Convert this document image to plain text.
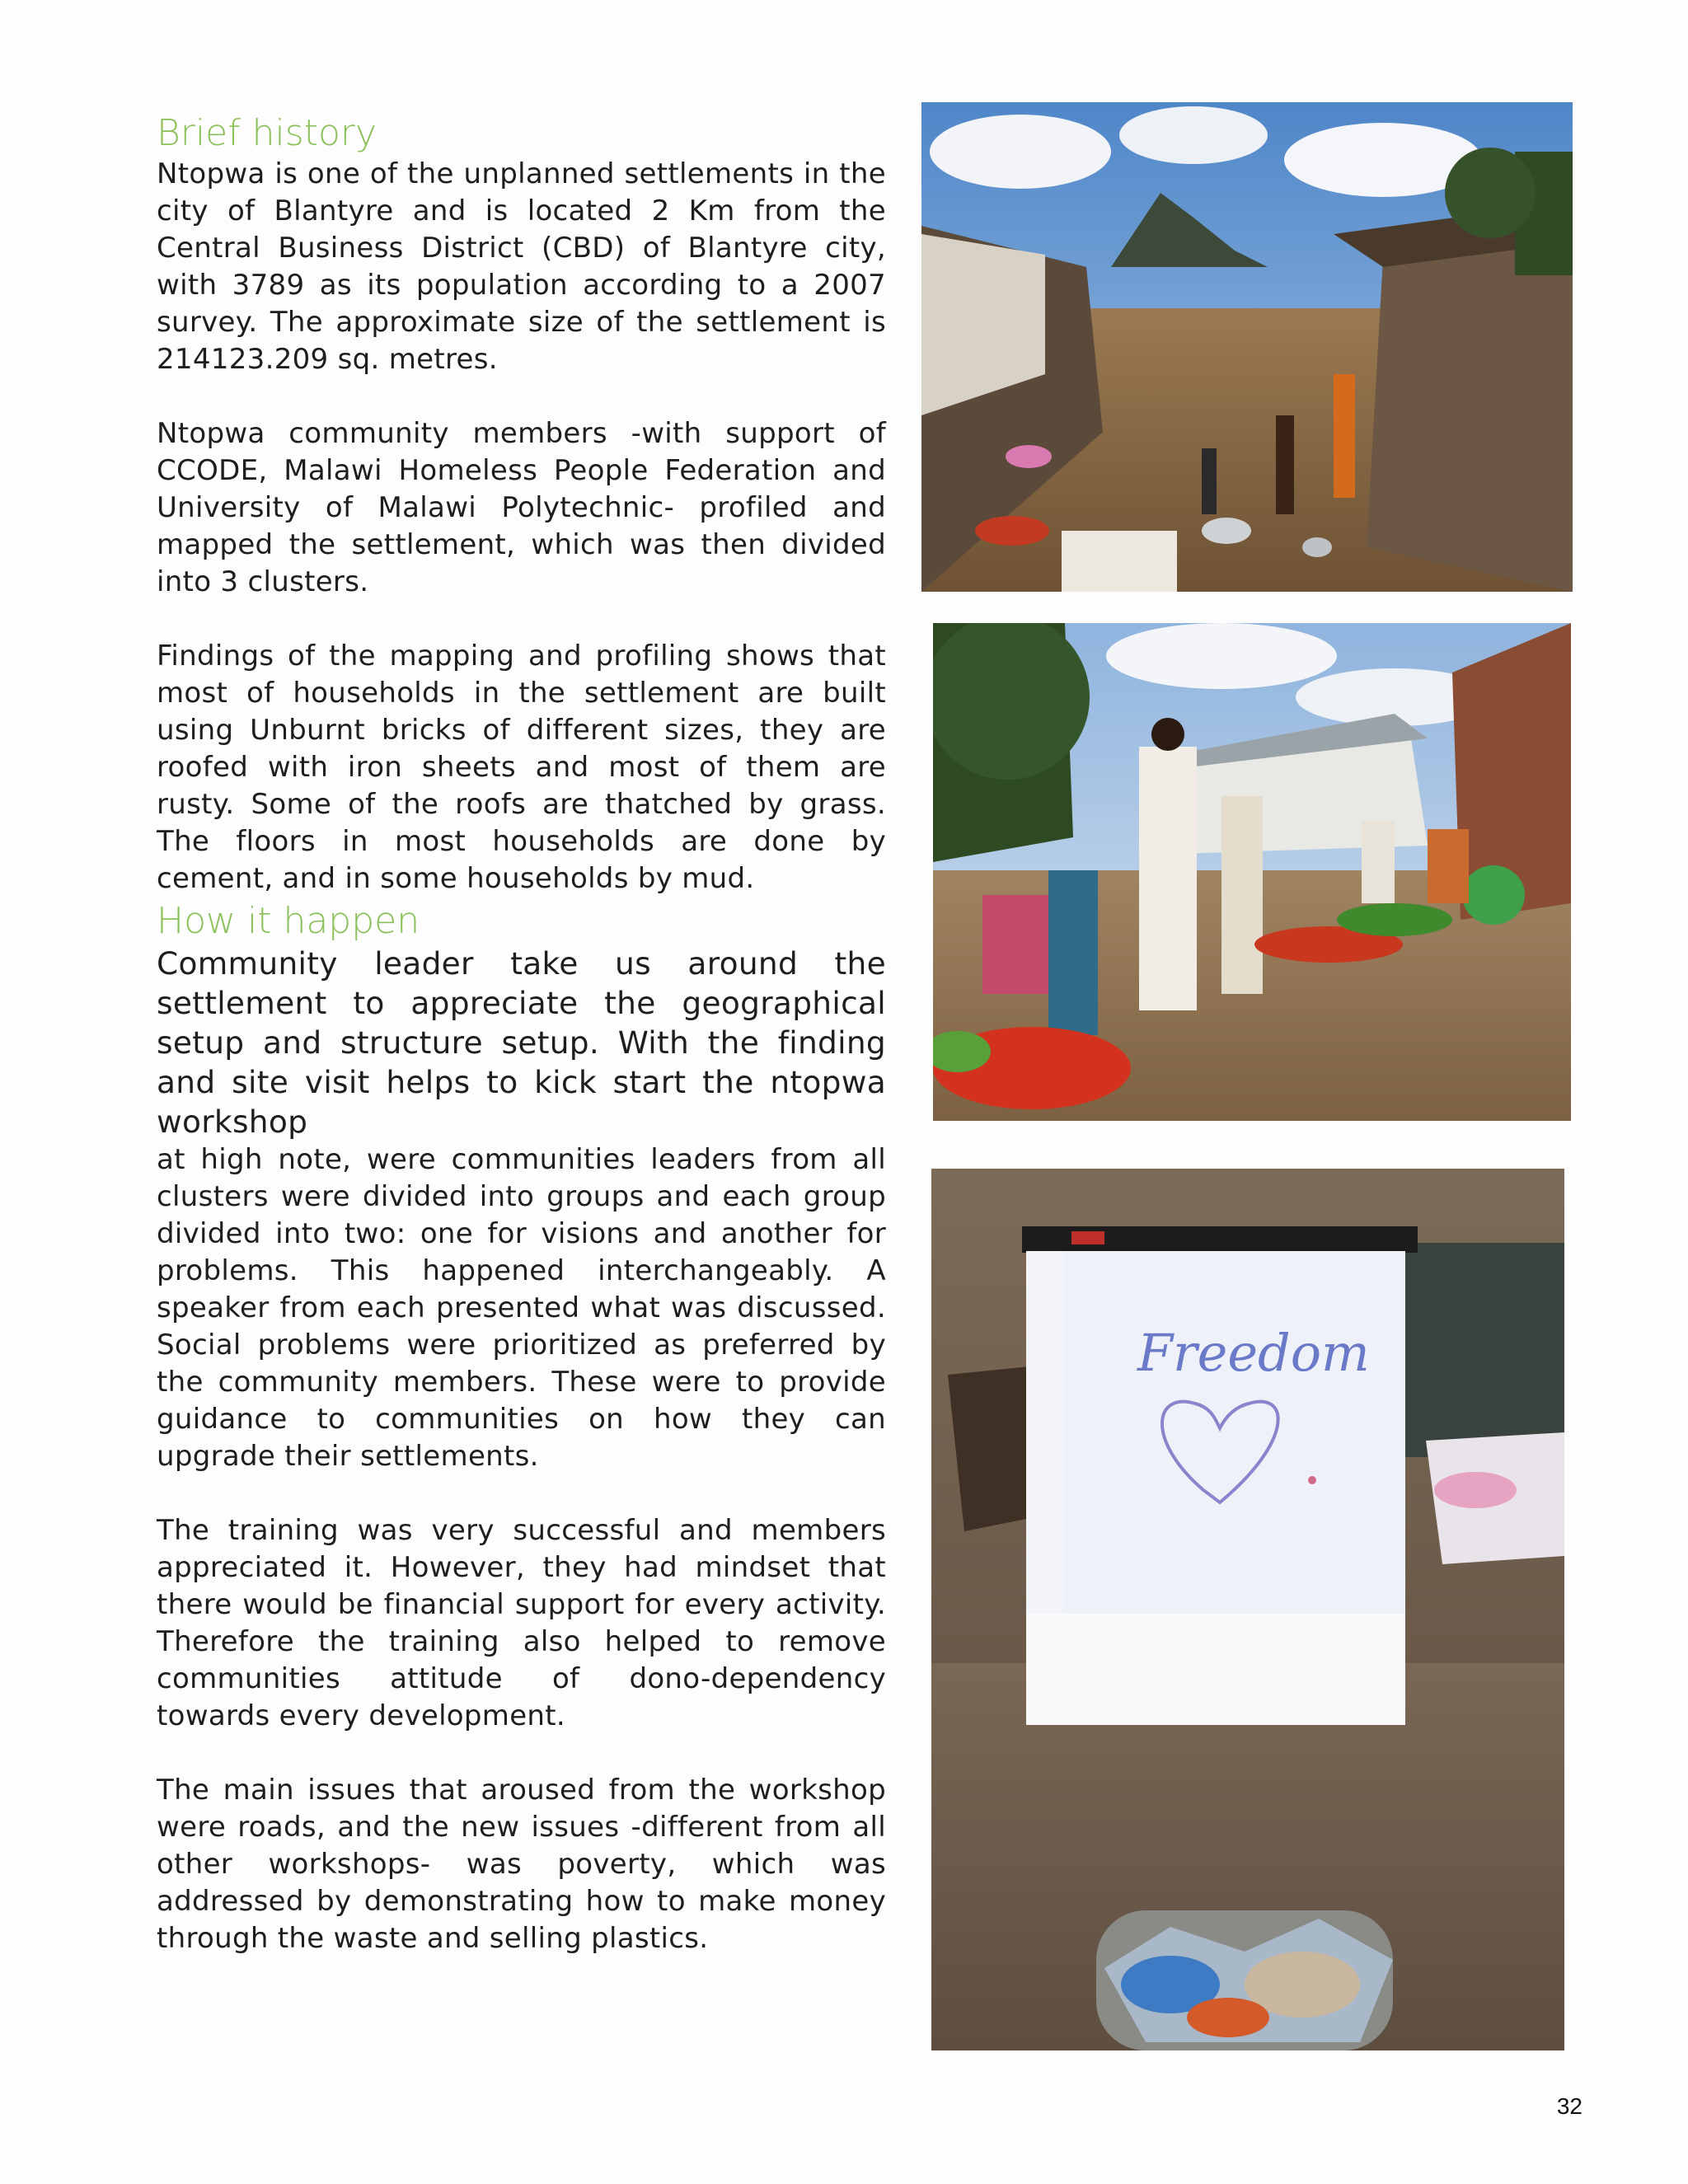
Brief history

Ntopwa is one of the unplanned settlements in the city of Blantyre and is located 2 Km from the Central Business District (CBD) of Blantyre city, with 3789 as its population according to a 2007 survey. The approximate size of the settlement is 214123.209 sq. metres.

Ntopwa community members -with support of CCODE, Malawi Homeless People Federation and University of Malawi Polytechnic- profiled and mapped the settlement, which was then divided into 3 clusters.

Findings of the mapping and profiling shows that most of households in the settlement are built using Unburnt bricks of different sizes, they are roofed with iron sheets and most of them are rusty. Some of the roofs are thatched by grass. The floors in most households are done by cement, and in some households by mud.

How it happen

Community leader take us around the settlement to appreciate the geographical setup and structure setup. With the finding and site visit helps to kick start the ntopwa workshop

at high note, were communities leaders from all clusters were divided into groups and each group divided into two: one for visions and another for problems. This happened interchangeably. A speaker from each presented what was discussed. Social problems were prioritized as preferred by the community members. These were to provide guidance to communities on how they can upgrade their settlements.

The training was very successful and members appreciated it. However, they had mindset that there would be financial support for every activity. Therefore the training also helped to remove communities attitude of dono-dependency towards every development.

The main issues that aroused from the workshop were roads, and the new issues -different from all other workshops- was poverty, which was addressed by demonstrating how to make money through the waste and selling plastics.

Freedom
32
